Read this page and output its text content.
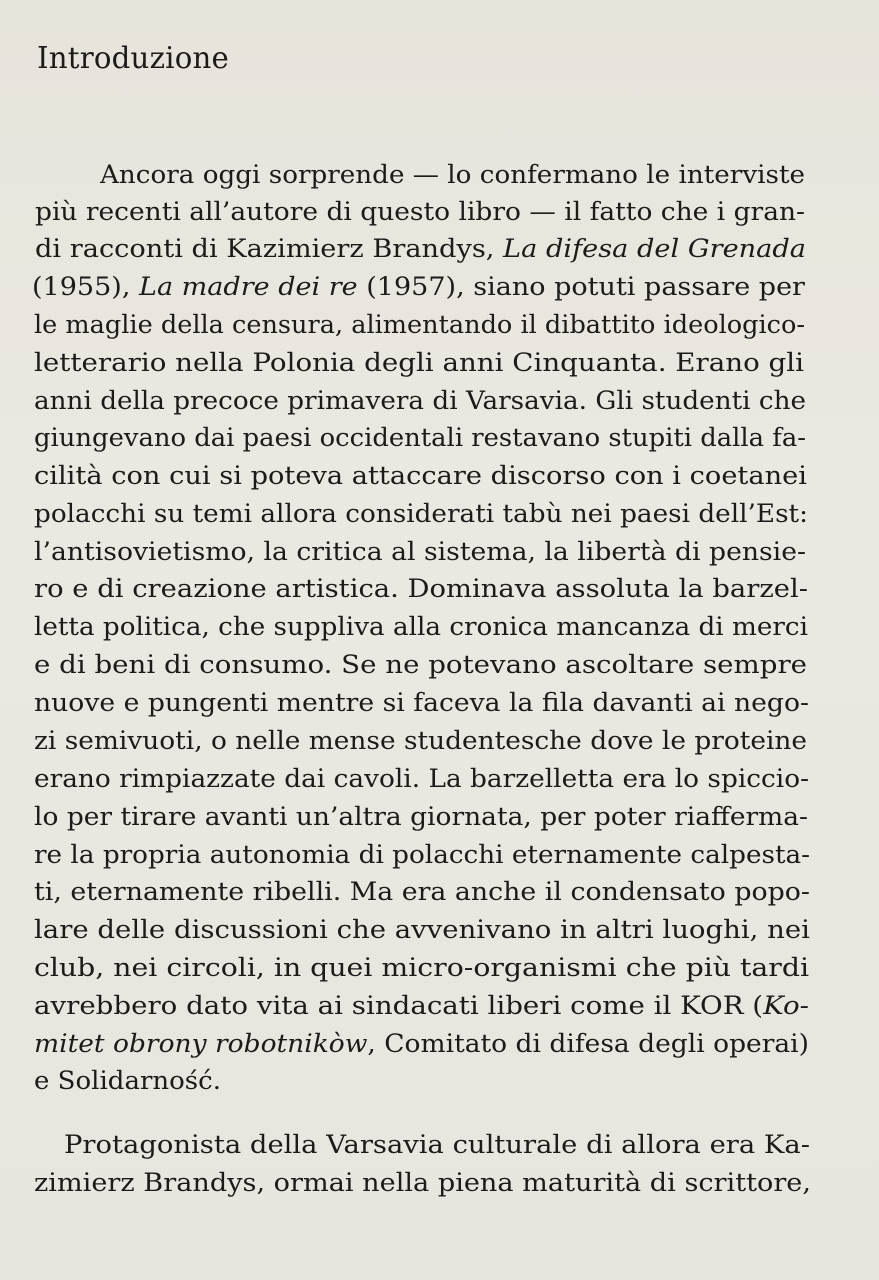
Introduzione
Ancora oggi sorprende — lo confermano le interviste
più recenti all’autore di questo libro — il fatto che i gran-
di racconti di Kazimierz Brandys, La difesa del Grenada
(1955), La madre dei re (1957), siano potuti passare per
le maglie della censura, alimentando il dibattito ideologico-
letterario nella Polonia degli anni Cinquanta. Erano gli
anni della precoce primavera di Varsavia. Gli studenti che
giungevano dai paesi occidentali restavano stupiti dalla fa-
cilità con cui si poteva attaccare discorso con i coetanei
polacchi su temi allora considerati tabù nei paesi dell’Est:
l’antisovietismo, la critica al sistema, la libertà di pensie-
ro e di creazione artistica. Dominava assoluta la barzel-
letta politica, che suppliva alla cronica mancanza di merci
e di beni di consumo. Se ne potevano ascoltare sempre
nuove e pungenti mentre si faceva la fila davanti ai nego-
zi semivuoti, o nelle mense studentesche dove le proteine
erano rimpiazzate dai cavoli. La barzelletta era lo spiccio-
lo per tirare avanti un’altra giornata, per poter riafferma-
re la propria autonomia di polacchi eternamente calpesta-
ti, eternamente ribelli. Ma era anche il condensato popo-
lare delle discussioni che avvenivano in altri luoghi, nei
club, nei circoli, in quei micro-organismi che più tardi
avrebbero dato vita ai sindacati liberi come il KOR (Ko-
mitet obrony robotnikòw, Comitato di difesa degli operai)
e Solidarność.
Protagonista della Varsavia culturale di allora era Ka-
zimierz Brandys, ormai nella piena maturità di scrittore,
